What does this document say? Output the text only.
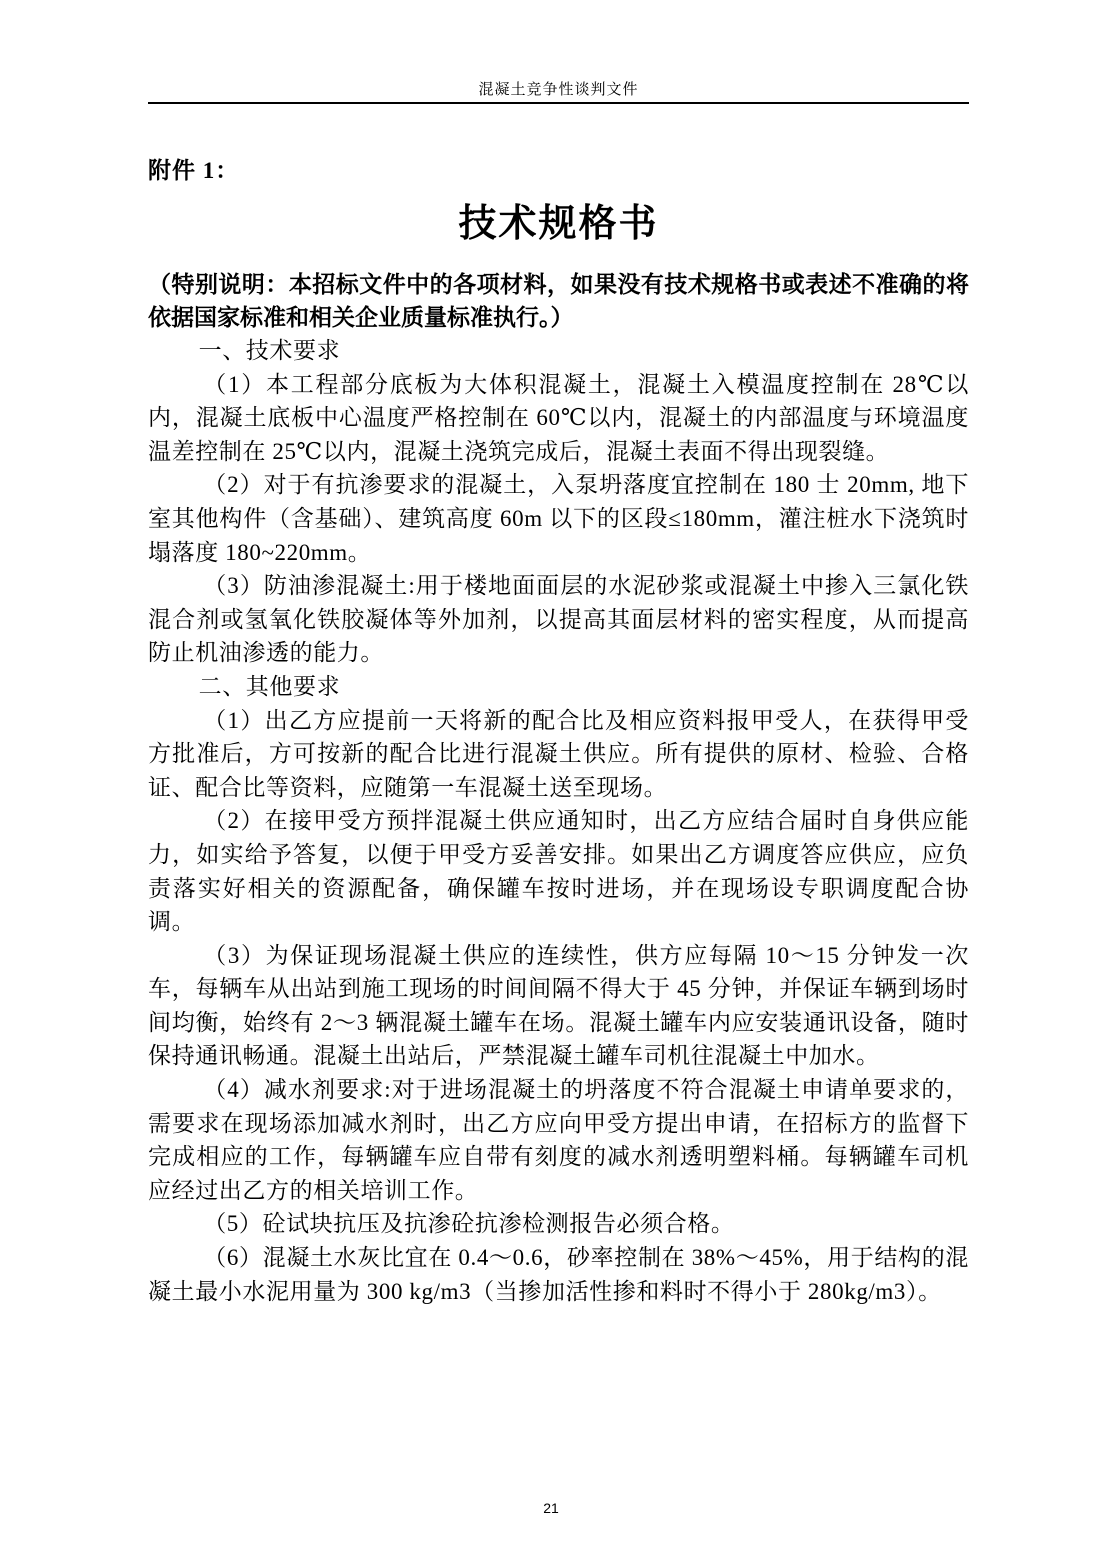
混凝土竞争性谈判文件
附件 1：
技术规格书
（特别说明：本招标文件中的各项材料，如果没有技术规格书或表述不准确的将依据国家标准和相关企业质量标准执行。）
一、技术要求
（1）本工程部分底板为大体积混凝土，混凝土入模温度控制在 28℃以内，混凝土底板中心温度严格控制在 60℃以内，混凝土的内部温度与环境温度温差控制在 25℃以内，混凝土浇筑完成后，混凝土表面不得出现裂缝。
（2）对于有抗渗要求的混凝土，入泵坍落度宜控制在 180 士 20mm, 地下室其他构件（含基础）、建筑高度 60m 以下的区段≤180mm，灌注桩水下浇筑时塌落度 180~220mm。
（3）防油渗混凝土:用于楼地面面层的水泥砂浆或混凝土中掺入三氯化铁混合剂或氢氧化铁胶凝体等外加剂，以提高其面层材料的密实程度，从而提高防止机油渗透的能力。
二、其他要求
（1）出乙方应提前一天将新的配合比及相应资料报甲受人，在获得甲受方批准后，方可按新的配合比进行混凝土供应。所有提供的原材、检验、合格证、配合比等资料，应随第一车混凝土送至现场。
（2）在接甲受方预拌混凝土供应通知时，出乙方应结合届时自身供应能力，如实给予答复，以便于甲受方妥善安排。如果出乙方调度答应供应，应负责落实好相关的资源配备，确保罐车按时进场，并在现场设专职调度配合协调。
（3）为保证现场混凝土供应的连续性，供方应每隔 10～15 分钟发一次车，每辆车从出站到施工现场的时间间隔不得大于 45 分钟，并保证车辆到场时间均衡，始终有 2～3 辆混凝土罐车在场。混凝土罐车内应安装通讯设备，随时保持通讯畅通。混凝土出站后，严禁混凝土罐车司机往混凝土中加水。
（4）减水剂要求:对于进场混凝土的坍落度不符合混凝土申请单要求的，需要求在现场添加减水剂时，出乙方应向甲受方提出申请，在招标方的监督下完成相应的工作，每辆罐车应自带有刻度的减水剂透明塑料桶。每辆罐车司机应经过出乙方的相关培训工作。
（5）砼试块抗压及抗渗砼抗渗检测报告必须合格。
（6）混凝土水灰比宜在 0.4～0.6，砂率控制在 38%～45%，用于结构的混凝土最小水泥用量为 300 kg/m3（当掺加活性掺和料时不得小于 280kg/m3）。
21
